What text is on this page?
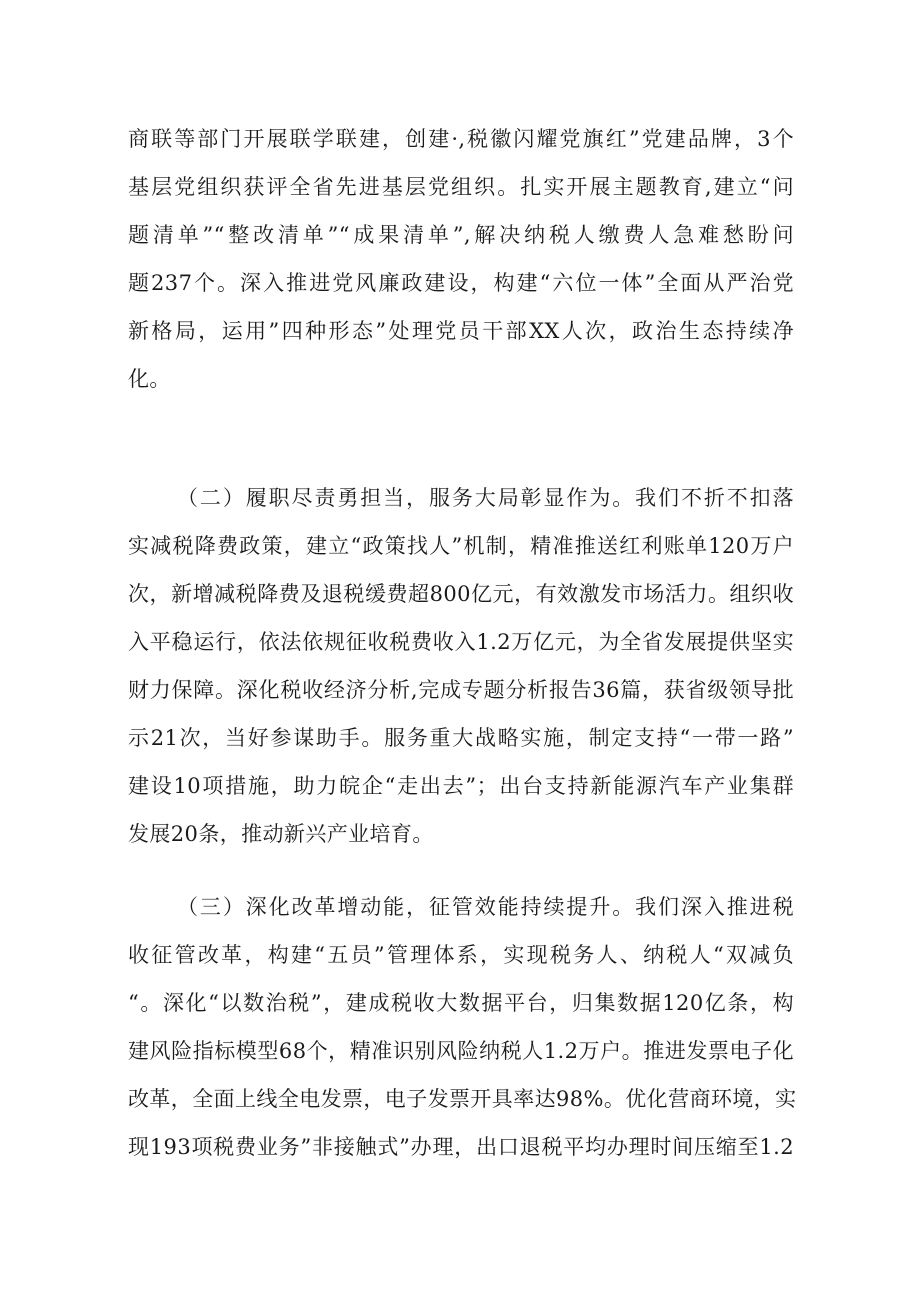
商联等部门开展联学联建，创建·,税徽闪耀党旗红”党建品牌，3个
基层党组织获评全省先进基层党组织。扎实开展主题教育,建立“问
题清单”“整改清单”“成果清单”,解决纳税人缴费人急难愁盼问
题237个。深入推进党风廉政建设，构建“六位一体”全面从严治党
新格局，运用”四种形态”处理党员干部XX人次，政治生态持续净
化。
（二）履职尽责勇担当，服务大局彰显作为。我们不折不扣落
实减税降费政策，建立“政策找人”机制，精准推送红利账单120万户
次，新增减税降费及退税缓费超800亿元，有效激发市场活力。组织收
入平稳运行，依法依规征收税费收入1.2万亿元，为全省发展提供坚实
财力保障。深化税收经济分析,完成专题分析报告36篇，获省级领导批
示21次，当好参谋助手。服务重大战略实施，制定支持“一带一路”
建设10项措施，助力皖企“走出去”；出台支持新能源汽车产业集群
发展20条，推动新兴产业培育。
（三）深化改革增动能，征管效能持续提升。我们深入推进税
收征管改革，构建“五员”管理体系，实现税务人、纳税人“双减负
“。深化“以数治税”，建成税收大数据平台，归集数据120亿条，构
建风险指标模型68个，精准识别风险纳税人1.2万户。推进发票电子化
改革，全面上线全电发票，电子发票开具率达98%。优化营商环境，实
现193项税费业务”非接触式”办理，出口退税平均办理时间压缩至1.2
